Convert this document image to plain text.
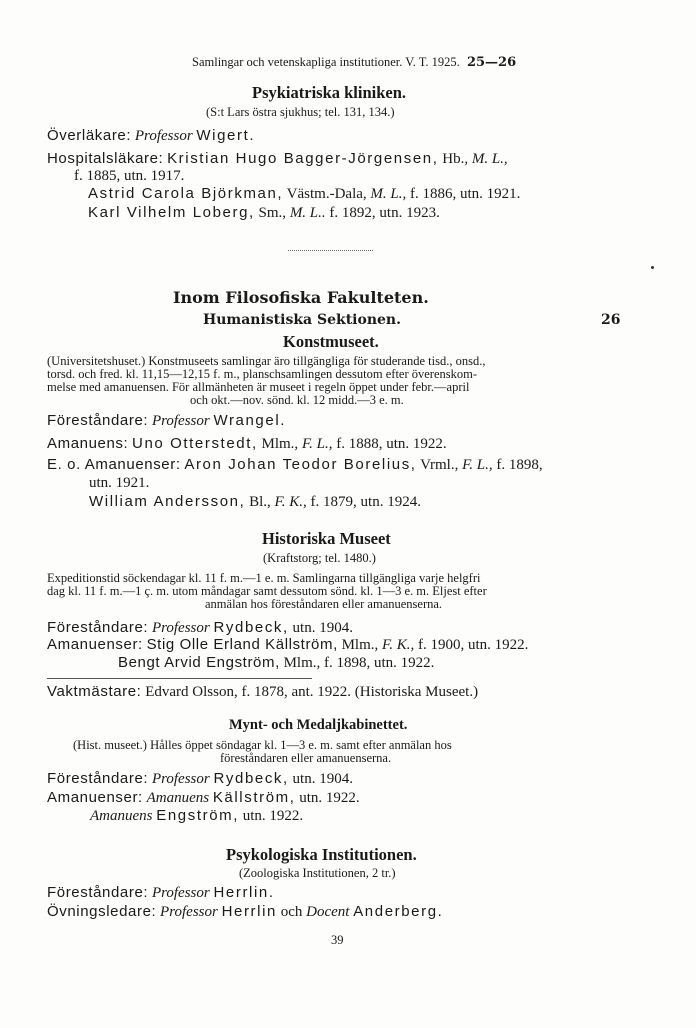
Samlingar och vetenskapliga institutioner. V. T. 1925. 25—26
Psykiatriska kliniken.
(S:t Lars östra sjukhus; tel. 131, 134.)
Överläkare: Professor Wigert.
Hospitalsläkare: Kristian Hugo Bagger-Jörgensen, Hb., M. L.,
f. 1885, utn. 1917.
Astrid Carola Björkman, Västm.-Dala, M. L., f. 1886, utn. 1921.
Karl Vilhelm Loberg, Sm., M. L.. f. 1892, utn. 1923.
Inom Filosofiska Fakulteten.
Humanistiska Sektionen.	26
Konstmuseet.
(Universitetshuset.) Konstmuseets samlingar äro tillgängliga för studerande tisd., onsd.,
torsd. och fred. kl. 11,15—12,15 f. m., planschsamlingen dessutom efter överenskom-
melse med amanuensen. För allmänheten är museet i regeln öppet under febr.—april
och okt.—nov. sönd. kl. 12 midd.—3 e. m.
Föreståndare: Professor Wrangel.
Amanuens: Uno Otterstedt, Mlm., F. L., f. 1888, utn. 1922.
E. o. Amanuenser: Aron Johan Teodor Borelius, Vrml., F. L., f. 1898,
utn. 1921.
William Andersson, Bl., F. K., f. 1879, utn. 1924.
Historiska Museet
(Kraftstorg; tel. 1480.)
Expeditionstid söckendagar kl. 11 f. m.—1 e. m. Samlingarna tillgängliga varje helgfri
dag kl. 11 f. m.—1 ç. m. utom måndagar samt dessutom sönd. kl. 1—3 e. m. Eljest efter
anmälan hos föreståndaren eller amanuenserna.
Föreståndare: Professor Rydbeck, utn. 1904.
Amanuenser: Stig Olle Erland Källström, Mlm., F. K., f. 1900, utn. 1922.
Bengt Arvid Engström, Mlm., f. 1898, utn. 1922.
Vaktmästare: Edvard Olsson, f. 1878, ant. 1922. (Historiska Museet.)
Mynt- och Medaljkabinettet.
(Hist. museet.) Hålles öppet söndagar kl. 1—3 e. m. samt efter anmälan hos
föreståndaren eller amanuenserna.
Föreståndare: Professor Rydbeck, utn. 1904.
Amanuenser: Amanuens Källström, utn. 1922.
Amanuens Engström, utn. 1922.
Psykologiska Institutionen.
(Zoologiska Institutionen, 2 tr.)
Föreståndare: Professor Herrlin.
Övningsledare: Professor Herrlin och Docent Anderberg.
39
